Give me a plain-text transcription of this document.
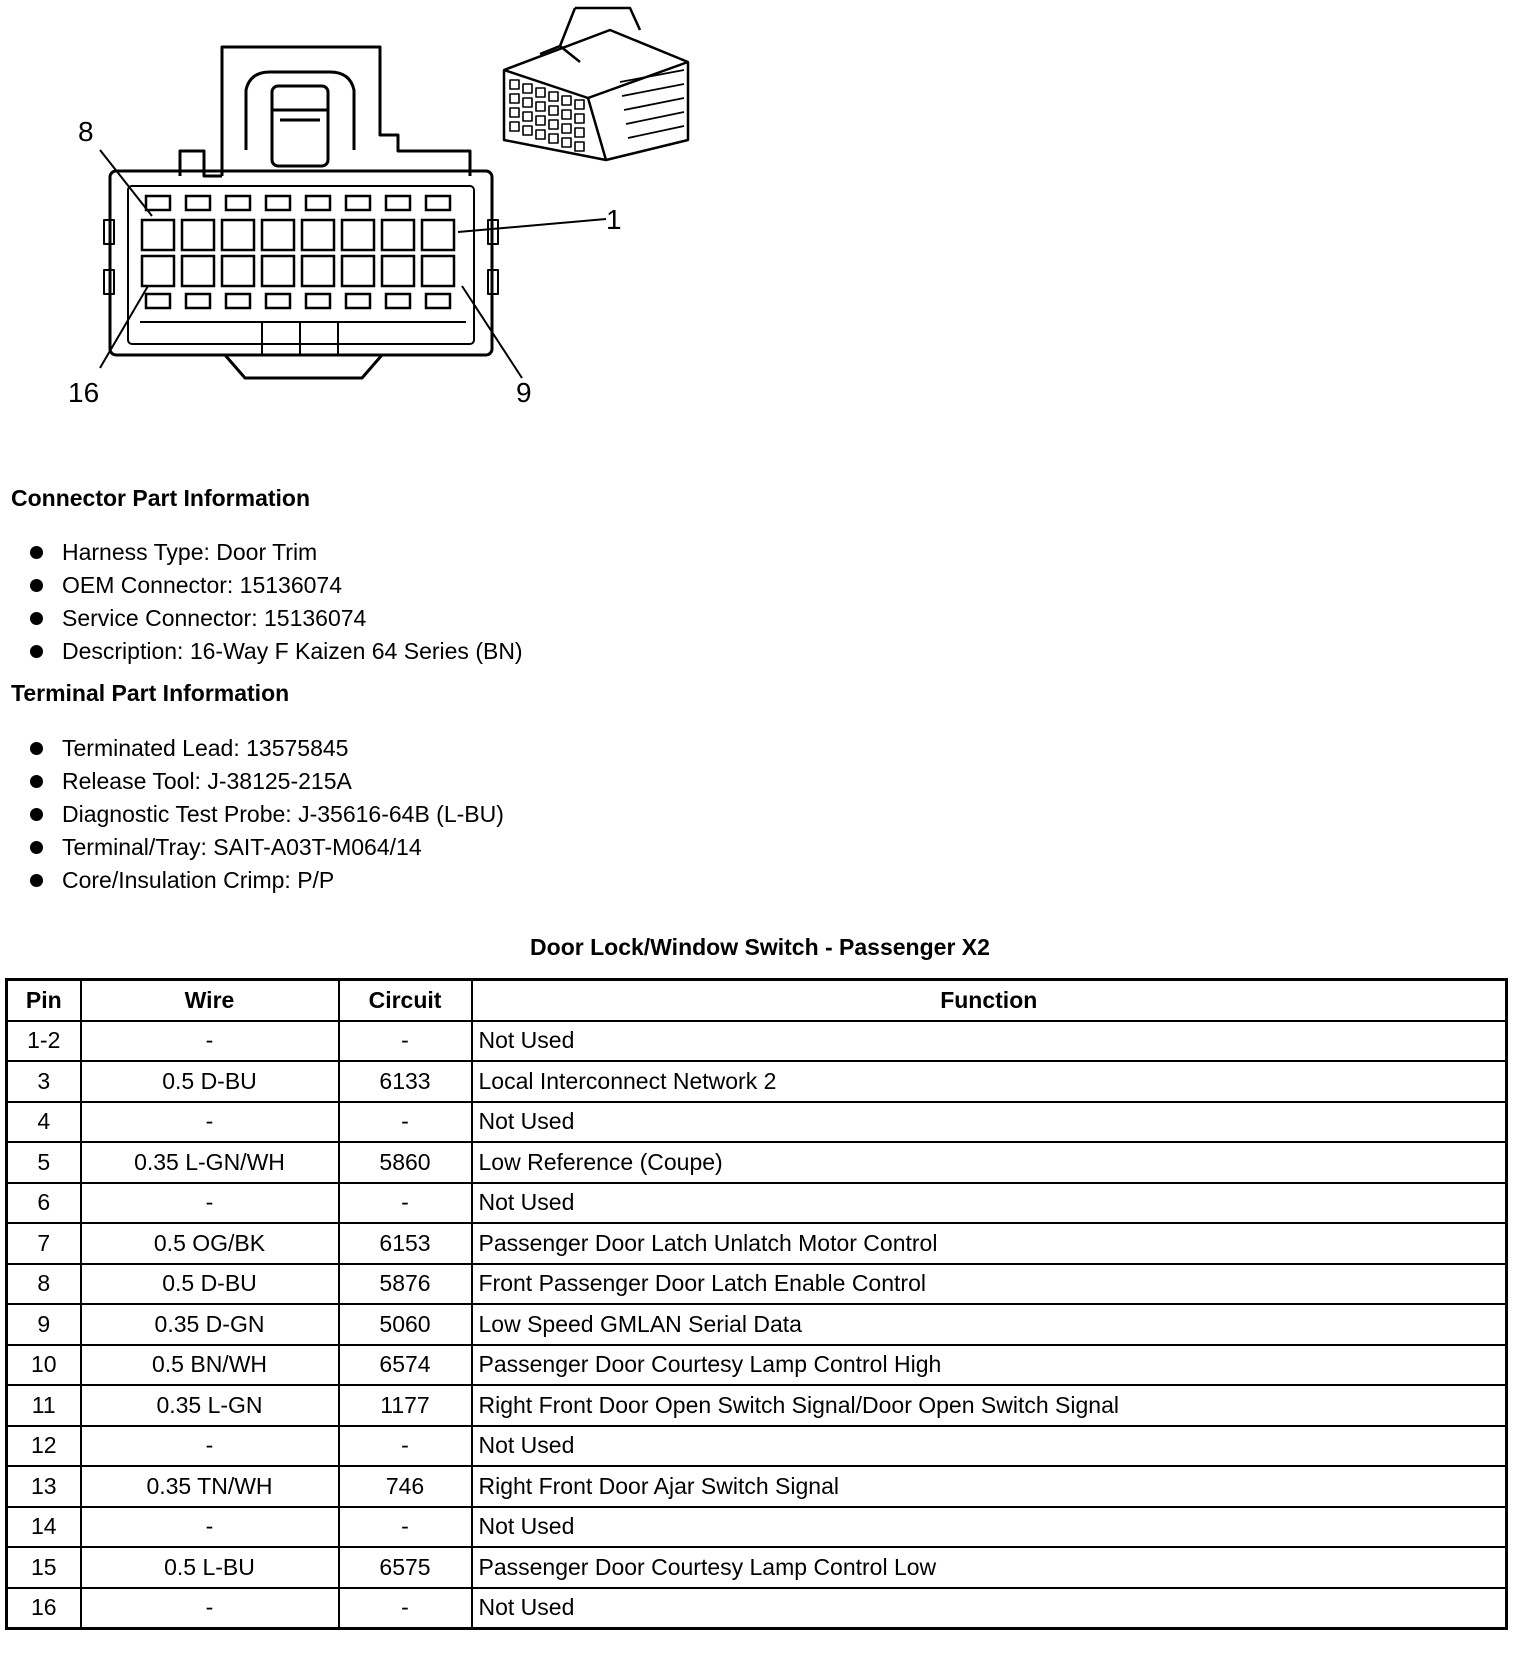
8
1
16	9
Connector Part Information
Harness Type: Door Trim
OEM Connector: 15136074
Service Connector: 15136074
Description: 16-Way F Kaizen 64 Series (BN)
Terminal Part Information
Terminated Lead: 13575845
Release Tool: J-38125-215A
Diagnostic Test Probe: J-35616-64B (L-BU)
Terminal/Tray: SAIT-A03T-M064/14
Core/Insulation Crimp: P/P
Door Lock/Window Switch - Passenger X2
Pin	Wire	Circuit	Function
1-2	-	-	Not Used
3	0.5 D-BU	6133	Local Interconnect Network 2
4	-	-	Not Used
5	0.35 L-GN/WH	5860	Low Reference (Coupe)
6	-	-	Not Used
7	0.5 OG/BK	6153	Passenger Door Latch Unlatch Motor Control
8	0.5 D-BU	5876	Front Passenger Door Latch Enable Control
9	0.35 D-GN	5060	Low Speed GMLAN Serial Data
10	0.5 BN/WH	6574	Passenger Door Courtesy Lamp Control High
11	0.35 L-GN	1177	Right Front Door Open Switch Signal/Door Open Switch Signal
12	-	-	Not Used
13	0.35 TN/WH	746	Right Front Door Ajar Switch Signal
14	-	-	Not Used
15	0.5 L-BU	6575	Passenger Door Courtesy Lamp Control Low
16	-	-	Not Used
